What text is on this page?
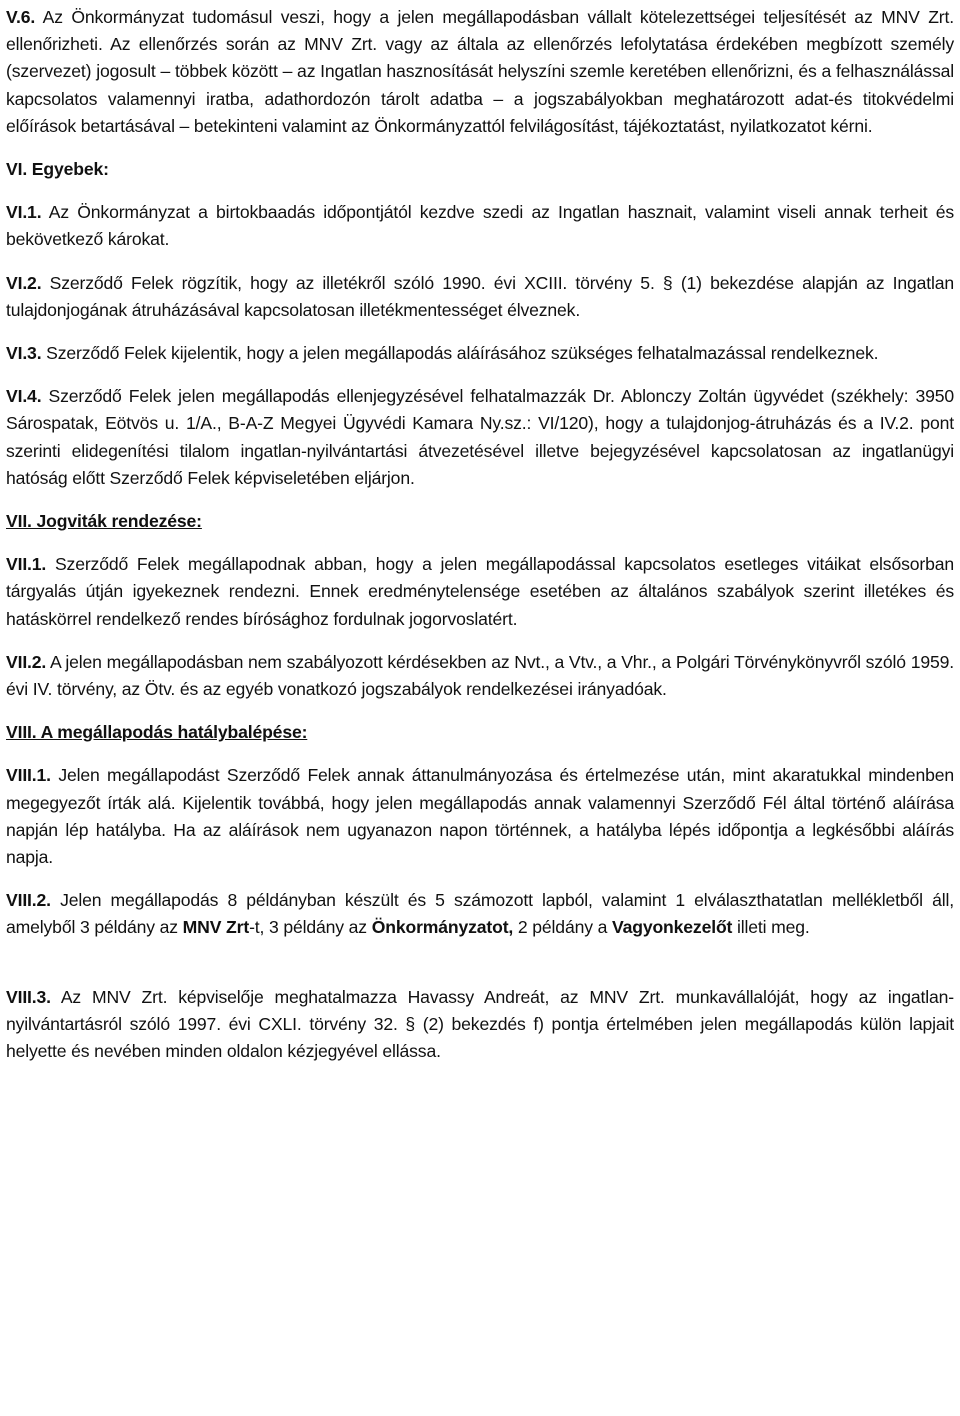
V.6. Az Önkormányzat tudomásul veszi, hogy a jelen megállapodásban vállalt kötelezettségei teljesítését az MNV Zrt. ellenőrizheti. Az ellenőrzés során az MNV Zrt. vagy az általa az ellenőrzés lefolytatása érdekében megbízott személy (szervezet) jogosult – többek között – az Ingatlan hasznosítását helyszíni szemle keretében ellenőrizni, és a felhasználással kapcsolatos valamennyi iratba, adathordozón tárolt adatba – a jogszabályokban meghatározott adat-és titokvédelmi előírások betartásával – betekinteni valamint az Önkormányzattól felvilágosítást, tájékoztatást, nyilatkozatot kérni.

VI. Egyebek:

VI.1. Az Önkormányzat a birtokbaadás időpontjától kezdve szedi az Ingatlan hasznait, valamint viseli annak terheit és bekövetkező károkat.

VI.2. Szerződő Felek rögzítik, hogy az illetékről szóló 1990. évi XCIII. törvény 5. § (1) bekezdése alapján az Ingatlan tulajdonjogának átruházásával kapcsolatosan illetékmentességet élveznek.

VI.3. Szerződő Felek kijelentik, hogy a jelen megállapodás aláírásához szükséges felhatalmazással rendelkeznek.

VI.4. Szerződő Felek jelen megállapodás ellenjegyzésével felhatalmazzák Dr. Ablonczy Zoltán ügyvédet (székhely: 3950 Sárospatak, Eötvös u. 1/A., B-A-Z Megyei Ügyvédi Kamara Ny.sz.: VI/120), hogy a tulajdonjog-átruházás és a IV.2. pont szerinti elidegenítési tilalom ingatlan-nyilvántartási átvezetésével illetve bejegyzésével kapcsolatosan az ingatlanügyi hatóság előtt Szerződő Felek képviseletében eljárjon.

VII. Jogviták rendezése:

VII.1. Szerződő Felek megállapodnak abban, hogy a jelen megállapodással kapcsolatos esetleges vitáikat elsősorban tárgyalás útján igyekeznek rendezni. Ennek eredménytelensége esetében az általános szabályok szerint illetékes és hatáskörrel rendelkező rendes bírósághoz fordulnak jogorvoslatért.

VII.2. A jelen megállapodásban nem szabályozott kérdésekben az Nvt., a Vtv., a Vhr., a Polgári Törvénykönyvről szóló 1959. évi IV. törvény, az Ötv. és az egyéb vonatkozó jogszabályok rendelkezései irányadóak.

VIII. A megállapodás hatálybalépése:

VIII.1. Jelen megállapodást Szerződő Felek annak áttanulmányozása és értelmezése után, mint akaratukkal mindenben megegyezőt írták alá. Kijelentik továbbá, hogy jelen megállapodás annak valamennyi Szerződő Fél által történő aláírása napján lép hatályba. Ha az aláírások nem ugyanazon napon történnek, a hatályba lépés időpontja a legkésőbbi aláírás napja.

VIII.2. Jelen megállapodás 8 példányban készült és 5 számozott lapból, valamint 1 elválaszthatatlan mellékletből áll, amelyből 3 példány az MNV Zrt-t, 3 példány az Önkormányzatot, 2 példány a Vagyonkezelőt illeti meg.

VIII.3. Az MNV Zrt. képviselője meghatalmazza Havassy Andreát, az MNV Zrt. munkavállalóját, hogy az ingatlan-nyilvántartásról szóló 1997. évi CXLI. törvény 32. § (2) bekezdés f) pontja értelmében jelen megállapodás külön lapjait helyette és nevében minden oldalon kézjegyével ellássa.
